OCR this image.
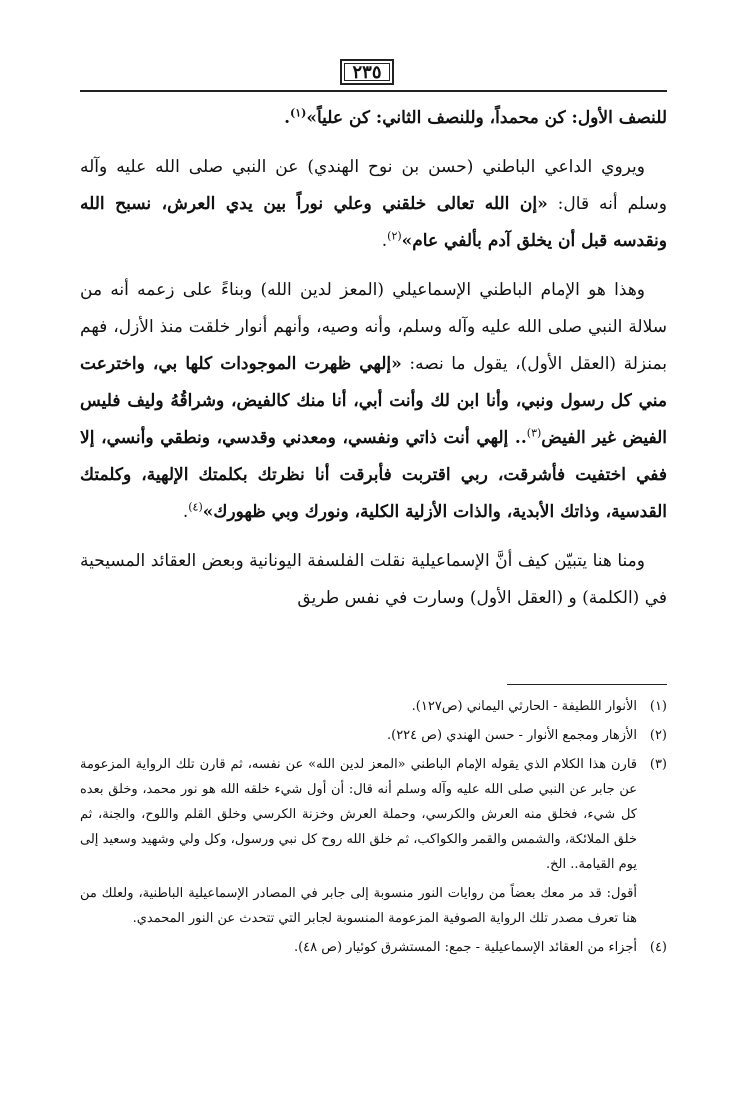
٢٣٥

للنصف الأول: كن محمداً، وللنصف الثاني: كن علياً»$^{(١)}$.

ويروي الداعي الباطني (حسن بن نوح الهندي) عن النبي صلى الله عليه وآله وسلم أنه قال: «إن الله تعالى خلقني وعلي نوراً بين يدي العرش، نسبح الله ونقدسه قبل أن يخلق آدم بألفي عام»$^{(٢)}$.

وهذا هو الإمام الباطني الإسماعيلي (المعز لدين الله) وبناءً على زعمه أنه من سلالة النبي صلى الله عليه وآله وسلم، وأنه وصيه، وأنهم أنوار خلقت منذ الأزل، فهم بمنزلة (العقل الأول)، يقول ما نصه: «إلهي ظهرت الموجودات كلها بي، واخترعت مني كل رسول ونبي، وأنا ابن لك وأنت أبي، أنا منك كالفيض، وشراقُهُ وليف فليس الفيض غير الفيض$^{(٣)}$.. إلهي أنت ذاتي ونفسي، ومعدني وقدسي، ونطقي وأنسي، إلا ففي اختفيت فأشرقت، ربي اقتربت فأبرقت أنا نظرتك بكلمتك الإلهية، وكلمتك القدسية، وذاتك الأبدية، والذات الأزلية الكلية، ونورك وبي ظهورك»$^{(٤)}$.

ومنا هنا يتبيّن كيف أنَّ الإسماعيلية نقلت الفلسفة اليونانية وبعض العقائد المسيحية في (الكلمة) و (العقل الأول) وسارت في نفس طريق

(١)
الأنوار اللطيفة - الحارثي اليماني (ص١٢٧).
(٢)
الأزهار ومجمع الأنوار - حسن الهندي (ص ٢٢٤).
(٣)
قارن هذا الكلام الذي يقوله الإمام الباطني «المعز لدين الله» عن نفسه، ثم قارن تلك الرواية المزعومة عن جابر عن النبي صلى الله عليه وآله وسلم أنه قال: أن أول شيء خلقه الله هو نور محمد، وخلق بعده كل شيء، فخلق منه العرش والكرسي، وحملة العرش وخزنة الكرسي وخلق القلم واللوح، والجنة، ثم خلق الملائكة، والشمس والقمر والكواكب، ثم خلق الله روح كل نبي ورسول، وكل ولي وشهيد وسعيد إلى يوم القيامة.. الخ.
أقول: قد مر معك بعضاً من روايات النور منسوبة إلى جابر في المصادر الإسماعيلية الباطنية، ولعلك من هنا تعرف مصدر تلك الرواية الصوفية المزعومة المنسوبة لجابر التي تتحدث عن النور المحمدي.
(٤)
أجزاء من العقائد الإسماعيلية - جمع: المستشرق كوئيار (ص ٤٨).
